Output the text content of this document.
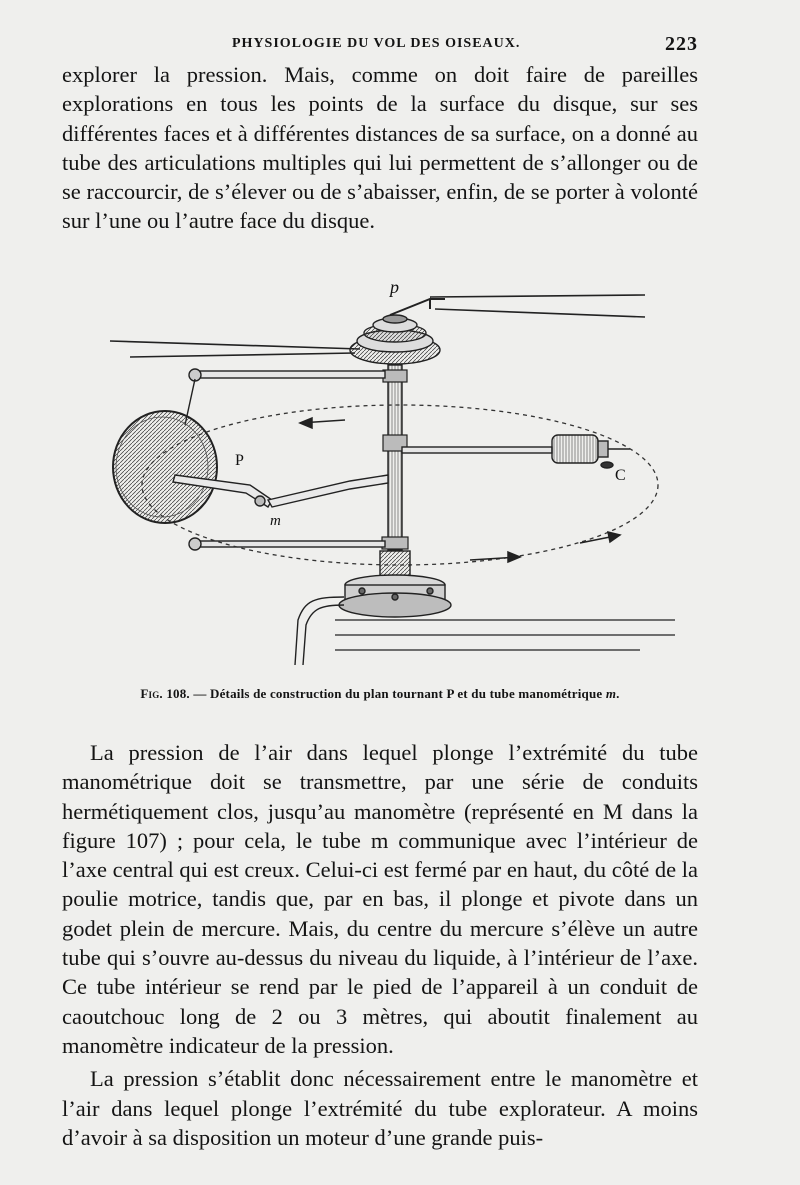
PHYSIOLOGIE DU VOL DES OISEAUX.	223

explorer la pression. Mais, comme on doit faire de pareilles explorations en tous les points de la surface du disque, sur ses différentes faces et à différentes distances de sa surface, on a donné au tube des articulations multiples qui lui permettent de s’allonger ou de se raccourcir, de s’élever ou de s’abaisser, enfin, de se porter à volonté sur l’une ou l’autre face du disque.

p
P
C
m
Fig. 108. — Détails de construction du plan tournant P et du tube manométrique m.

La pression de l’air dans lequel plonge l’extrémité du tube manométrique doit se transmettre, par une série de conduits hermétiquement clos, jusqu’au manomètre (représenté en M dans la figure 107) ; pour cela, le tube m communique avec l’intérieur de l’axe central qui est creux. Celui-ci est fermé par en haut, du côté de la poulie motrice, tandis que, par en bas, il plonge et pivote dans un godet plein de mercure. Mais, du centre du mercure s’élève un autre tube qui s’ouvre au-dessus du niveau du liquide, à l’intérieur de l’axe. Ce tube intérieur se rend par le pied de l’appareil à un conduit de caoutchouc long de 2 ou 3 mètres, qui aboutit finalement au manomètre indicateur de la pression.

La pression s’établit donc nécessairement entre le manomètre et l’air dans lequel plonge l’extrémité du tube explorateur. A moins d’avoir à sa disposition un moteur d’une grande puis-
